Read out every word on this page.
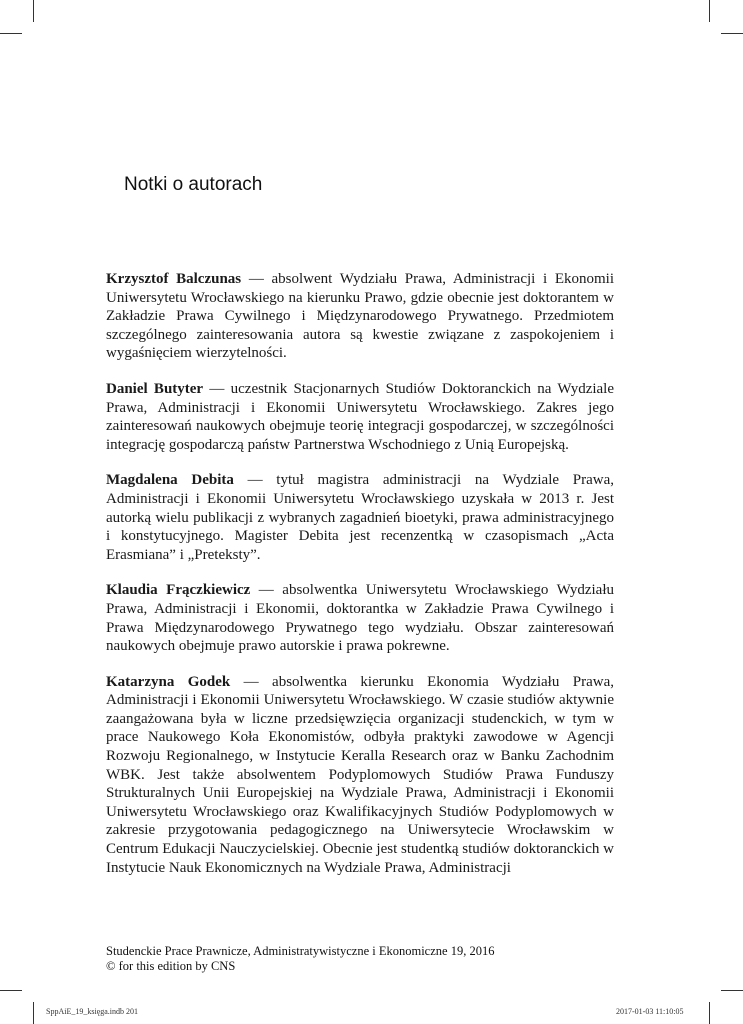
Notki o autorach

Krzysztof Balczunas — absolwent Wydziału Prawa, Administracji i Ekonomii Uniwersytetu Wrocławskiego na kierunku Prawo, gdzie obecnie jest doktorantem w Zakładzie Prawa Cywilnego i Międzynarodowego Prywatnego. Przedmiotem szczególnego zainteresowania autora są kwestie związane z zaspokojeniem i wygaśnięciem wierzytelności.

Daniel Butyter — uczestnik Stacjonarnych Studiów Doktoranckich na Wydziale Prawa, Administracji i Ekonomii Uniwersytetu Wrocławskiego. Zakres jego zainteresowań naukowych obejmuje teorię integracji gospodarczej, w szczególności integrację gospodarczą państw Partnerstwa Wschodniego z Unią Europejską.

Magdalena Debita — tytuł magistra administracji na Wydziale Prawa, Administracji i Ekonomii Uniwersytetu Wrocławskiego uzyskała w 2013 r. Jest autorką wielu publikacji z wybranych zagadnień bioetyki, prawa administracyjnego i konstytucyjnego. Magister Debita jest recenzentką w czasopismach „Acta Erasmiana” i „Preteksty”.

Klaudia Frączkiewicz — absolwentka Uniwersytetu Wrocławskiego Wydziału Prawa, Administracji i Ekonomii, doktorantka w Zakładzie Prawa Cywilnego i Prawa Międzynarodowego Prywatnego tego wydziału. Obszar zainteresowań naukowych obejmuje prawo autorskie i prawa pokrewne.

Katarzyna Godek — absolwentka kierunku Ekonomia Wydziału Prawa, Administracji i Ekonomii Uniwersytetu Wrocławskiego. W czasie studiów aktywnie zaangażowana była w liczne przedsięwzięcia organizacji studenckich, w tym w prace Naukowego Koła Ekonomistów, odbyła praktyki zawodowe w Agencji Rozwoju Regionalnego, w Instytucie Keralla Research oraz w Banku Zachodnim WBK. Jest także absolwentem Podyplomowych Studiów Prawa Funduszy Strukturalnych Unii Europejskiej na Wydziale Prawa, Administracji i Ekonomii Uniwersytetu Wrocławskiego oraz Kwalifikacyjnych Studiów Podyplomowych w zakresie przygotowania pedagogicznego na Uniwersytecie Wrocławskim w Centrum Edukacji Nauczycielskiej. Obecnie jest studentką studiów doktoranckich w Instytucie Nauk Ekonomicznych na Wydziale Prawa, Administracji

Studenckie Prace Prawnicze, Administratywistyczne i Ekonomiczne 19, 2016
© for this edition by CNS
SppAiE_19_księga.indb 201	2017-01-03 11:10:05
